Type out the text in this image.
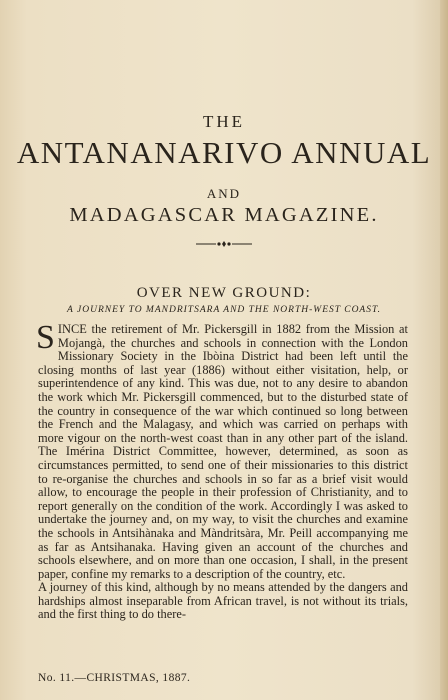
THE
ANTANANARIVO ANNUAL
AND
MADAGASCAR MAGAZINE.
OVER NEW GROUND:
A JOURNEY TO MANDRITSARA AND THE NORTH-WEST COAST.

SINCE the retirement of Mr. Pickersgill in 1882 from the Mission at Mojangà, the churches and schools in connection with the London Missionary Society in the Ibòina District had been left until the closing months of last year (1886) without either visitation, help, or superintendence of any kind. This was due, not to any desire to abandon the work which Mr. Pickersgill commenced, but to the disturbed state of the country in consequence of the war which continued so long between the French and the Malagasy, and which was carried on perhaps with more vigour on the north-west coast than in any other part of the island. The Imérina District Committee, however, determined, as soon as circumstances permitted, to send one of their missionaries to this district to re-organise the churches and schools in so far as a brief visit would allow, to encourage the people in their profession of Christianity, and to report generally on the condition of the work. Accordingly I was asked to undertake the journey and, on my way, to visit the churches and examine the schools in Antsihànaka and Màndritsàra, Mr. Peill accompanying me as far as Antsihanaka. Having given an account of the churches and schools elsewhere, and on more than one occasion, I shall, in the present paper, confine my remarks to a description of the country, etc.

A journey of this kind, although by no means attended by the dangers and hardships almost inseparable from African travel, is not without its trials, and the first thing to do there-

No. 11.—CHRISTMAS, 1887.
